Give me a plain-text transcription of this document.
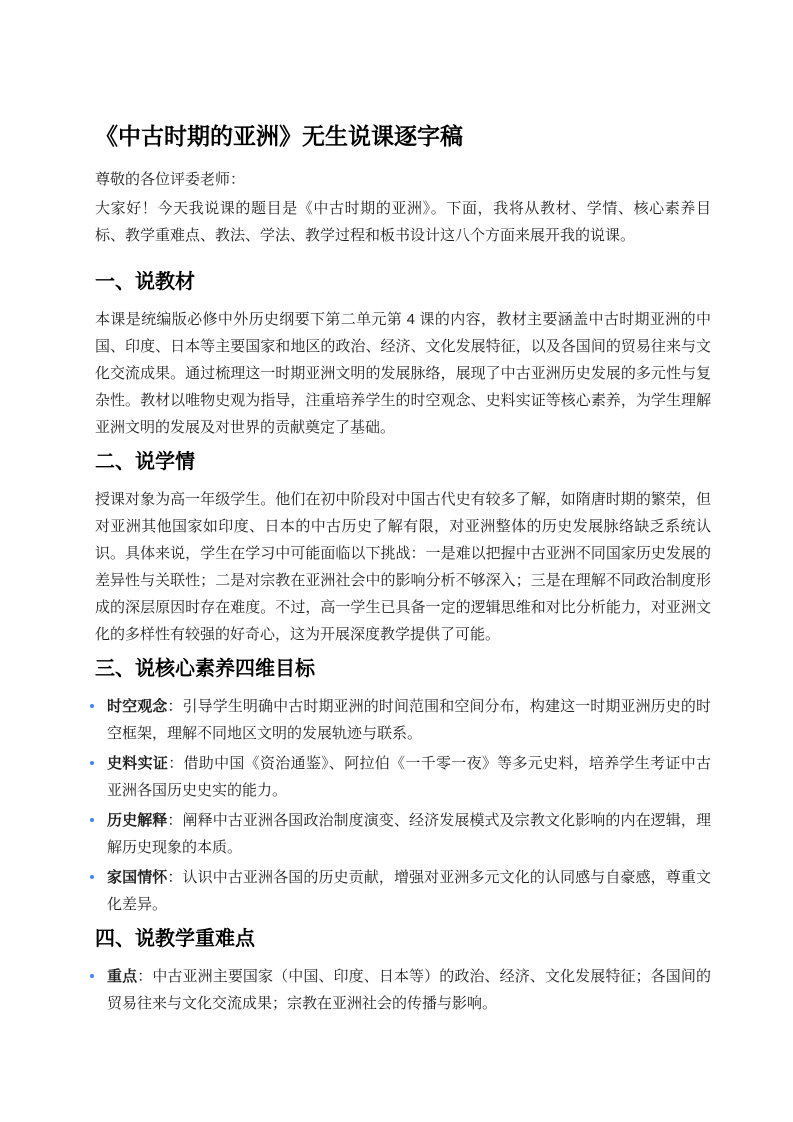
《中古时期的亚洲》无生说课逐字稿

尊敬的各位评委老师：

大家好！今天我说课的题目是《中古时期的亚洲》。下面，我将从教材、学情、核心素养目标、教学重难点、教法、学法、教学过程和板书设计这八个方面来展开我的说课。

一、说教材

本课是统编版必修中外历史纲要下第二单元第 4 课的内容，教材主要涵盖中古时期亚洲的中国、印度、日本等主要国家和地区的政治、经济、文化发展特征，以及各国间的贸易往来与文化交流成果。通过梳理这一时期亚洲文明的发展脉络，展现了中古亚洲历史发展的多元性与复杂性。教材以唯物史观为指导，注重培养学生的时空观念、史料实证等核心素养，为学生理解亚洲文明的发展及对世界的贡献奠定了基础。

二、说学情

授课对象为高一年级学生。他们在初中阶段对中国古代史有较多了解，如隋唐时期的繁荣，但对亚洲其他国家如印度、日本的中古历史了解有限，对亚洲整体的历史发展脉络缺乏系统认识。具体来说，学生在学习中可能面临以下挑战：一是难以把握中古亚洲不同国家历史发展的差异性与关联性；二是对宗教在亚洲社会中的影响分析不够深入；三是在理解不同政治制度形成的深层原因时存在难度。不过，高一学生已具备一定的逻辑思维和对比分析能力，对亚洲文化的多样性有较强的好奇心，这为开展深度教学提供了可能。

三、说核心素养四维目标
时空观念：引导学生明确中古时期亚洲的时间范围和空间分布，构建这一时期亚洲历史的时空框架，理解不同地区文明的发展轨迹与联系。
史料实证：借助中国《资治通鉴》、阿拉伯《一千零一夜》等多元史料，培养学生考证中古亚洲各国历史史实的能力。
历史解释：阐释中古亚洲各国政治制度演变、经济发展模式及宗教文化影响的内在逻辑，理解历史现象的本质。
家国情怀：认识中古亚洲各国的历史贡献，增强对亚洲多元文化的认同感与自豪感，尊重文化差异。
四、说教学重难点
重点：中古亚洲主要国家（中国、印度、日本等）的政治、经济、文化发展特征；各国间的贸易往来与文化交流成果；宗教在亚洲社会的传播与影响。
